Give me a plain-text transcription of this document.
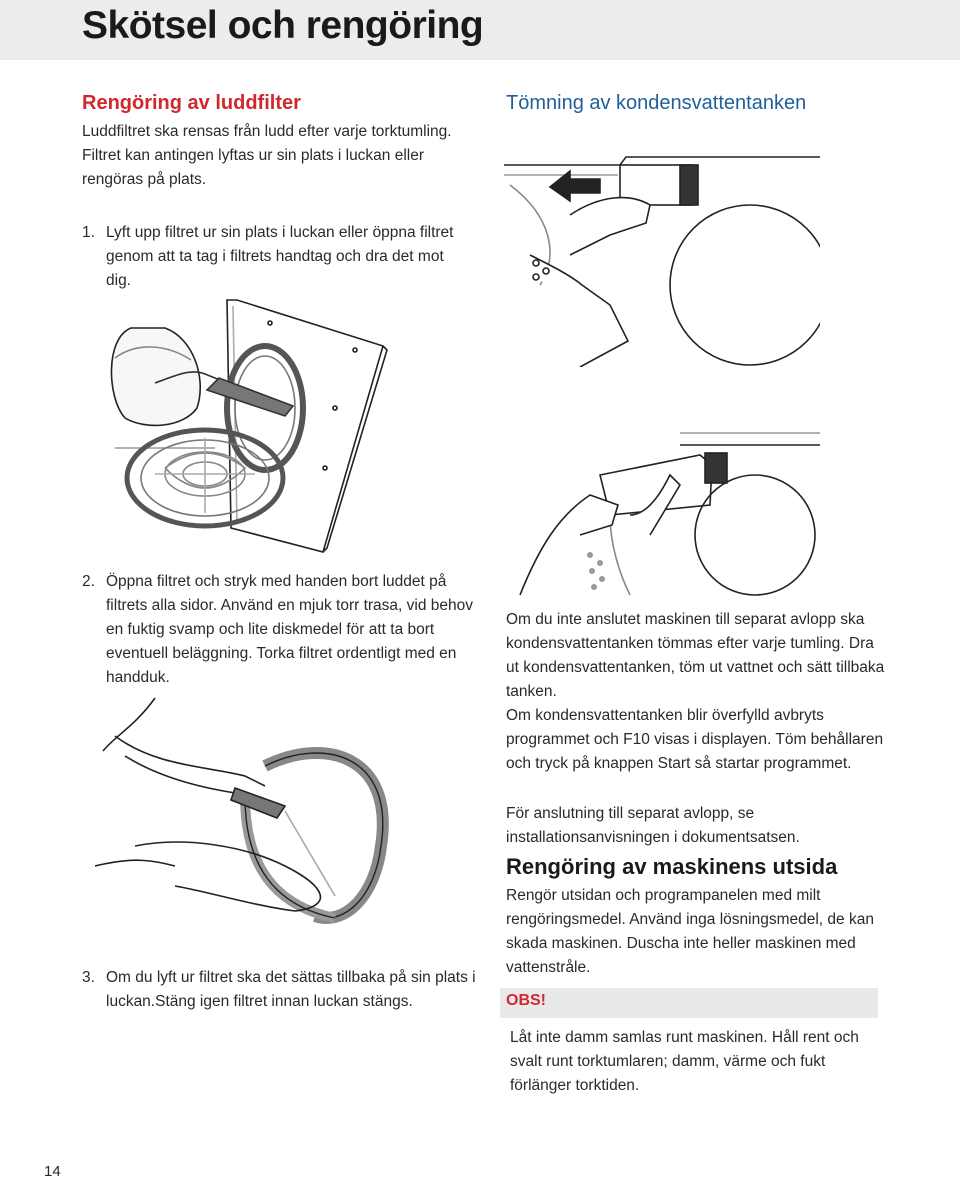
Skötsel och rengöring
Rengöring av luddfilter

Luddfiltret ska rensas från ludd efter varje torktumling. Filtret kan antingen lyftas ur sin plats i luckan eller rengöras på plats.

1. Lyft upp filtret ur sin plats i luckan eller öppna filtret genom att ta tag i filtrets handtag och dra det mot dig.
2. Öppna filtret och stryk med handen bort luddet på filtrets alla sidor. Använd en mjuk torr trasa, vid behov en fuktig svamp och lite diskmedel för att ta bort eventuell beläggning. Torka filtret ordentligt med en handduk.
3. Om du lyft ur filtret ska det sättas tillbaka på sin plats i luckan.Stäng igen filtret innan luckan stängs.
Tömning av kondensvattentanken

Om du inte anslutet maskinen till separat avlopp ska kondensvattentanken tömmas efter varje tumling. Dra ut kondensvattentanken, töm ut vattnet och sätt tillbaka tanken.

Om kondensvattentanken blir överfylld avbryts programmet och F10 visas i displayen. Töm behållaren och tryck på knappen Start så startar programmet.

För anslutning till separat avlopp, se installationsanvisningen i dokumentsatsen.

Rengöring av maskinens utsida

Rengör utsidan och programpanelen med milt rengöringsmedel. Använd inga lösningsmedel, de kan skada maskinen. Duscha inte heller maskinen med vattenstråle.

OBS!

Låt inte damm samlas runt maskinen. Håll rent och svalt runt torktumlaren; damm, värme och fukt förlänger torktiden.

14
